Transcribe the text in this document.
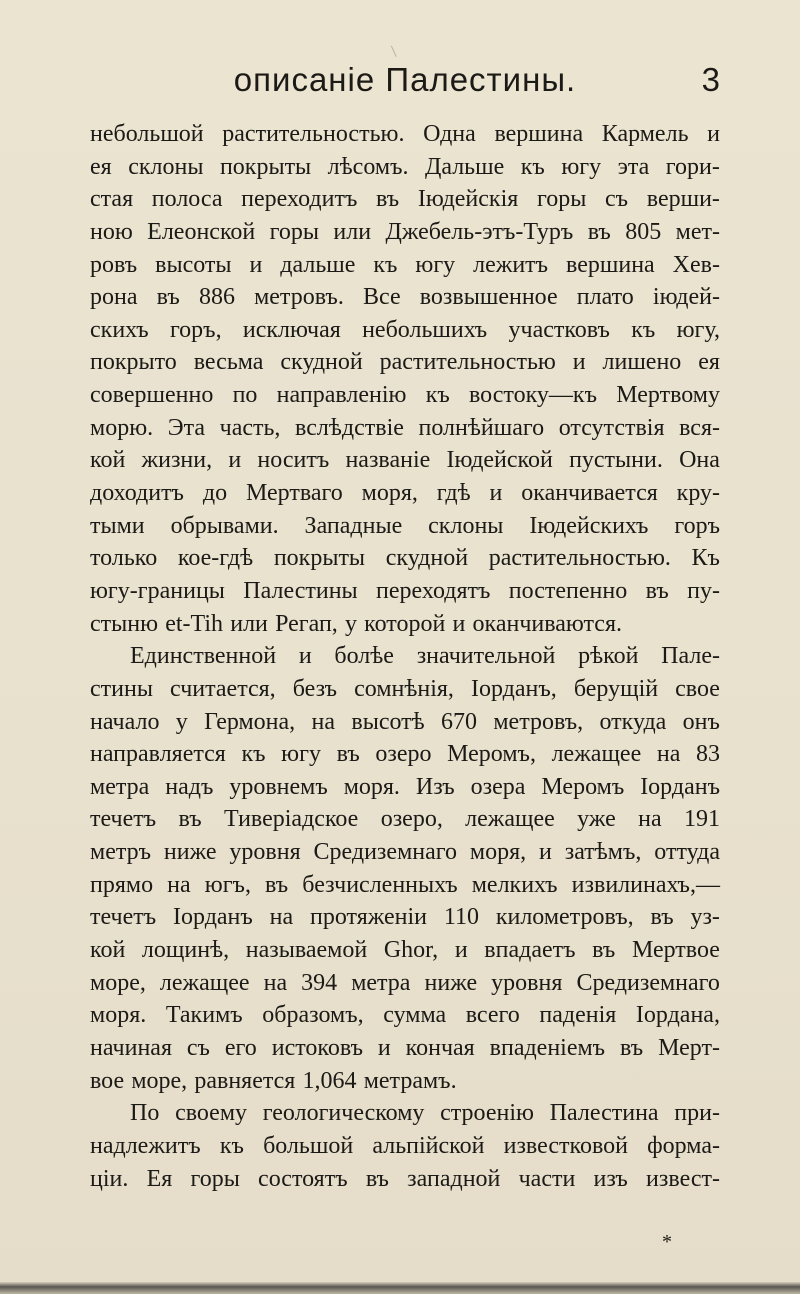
описанiе Палестины.	3
небольшой растительностью. Одна вершина Кармель и
ея склоны покрыты лѣсомъ. Дальше къ югу эта гори-
стая полоса переходитъ въ Iюдейскiя горы съ верши-
ною Елеонской горы или Джебель-этъ-Туръ въ 805 мет-
ровъ высоты и дальше къ югу лежитъ вершина Хев-
рона въ 886 метровъ. Все возвышенное плато iюдей-
скихъ горъ, исключая небольшихъ участковъ къ югу,
покрыто весьма скудной растительностью и лишено ея
совершенно по направленiю къ востоку—къ Мертвому
морю. Эта часть, вслѣдствiе полнѣйшаго отсутствiя вся-
кой жизни, и носитъ названiе Iюдейской пустыни. Она
доходитъ до Мертваго моря, гдѣ и оканчивается кру-
тыми обрывами. Западные склоны Iюдейскихъ горъ
только кое-гдѣ покрыты скудной растительностью. Къ
югу-границы Палестины переходятъ постепенно въ пу-
стыню et-Tih или Регап, у которой и оканчиваются.
Единственной и болѣе значительной рѣкой Пале-
стины считается, безъ сомнѣнiя, Iорданъ, берущiй свое
начало у Гермона, на высотѣ 670 метровъ, откуда онъ
направляется къ югу въ озеро Меромъ, лежащее на 83
метра надъ уровнемъ моря. Изъ озера Меромъ Iорданъ
течетъ въ Тиверiадское озеро, лежащее уже на 191
метръ ниже уровня Средиземнаго моря, и затѣмъ, оттуда
прямо на югъ, въ безчисленныхъ мелкихъ извилинахъ,—
течетъ Iорданъ на протяженiи 110 километровъ, въ уз-
кой лощинѣ, называемой Ghor, и впадаетъ въ Мертвое
море, лежащее на 394 метра ниже уровня Средиземнаго
моря. Такимъ образомъ, сумма всего паденiя Iордана,
начиная съ его истоковъ и кончая впаденiемъ въ Мерт-
вое море, равняется 1,064 метрамъ.
По своему геологическому строенiю Палестина при-
надлежитъ къ большой альпiйской известковой форма-
цiи. Ея горы состоятъ въ западной части изъ извест-
*
